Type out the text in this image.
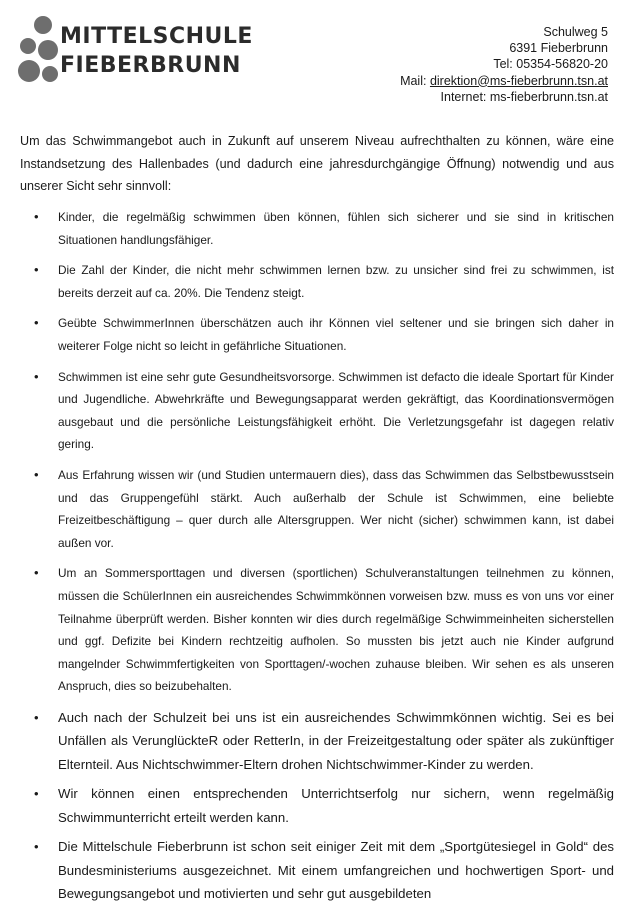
MITTELSCHULE
FIEBERBRUNN
Schulweg 5
6391 Fieberbrunn
Tel: 05354-56820-20
Mail: direktion@ms-fieberbrunn.tsn.at
Internet: ms-fieberbrunn.tsn.at

Um das Schwimmangebot auch in Zukunft auf unserem Niveau aufrechthalten zu können, wäre eine Instandsetzung des Hallenbades (und dadurch eine jahresdurchgängige Öffnung) notwendig und aus unserer Sicht sehr sinnvoll:

• Kinder, die regelmäßig schwimmen üben können, fühlen sich sicherer und sie sind in kritischen Situationen handlungsfähiger.
• Die Zahl der Kinder, die nicht mehr schwimmen lernen bzw. zu unsicher sind frei zu schwimmen, ist bereits derzeit auf ca. 20%. Die Tendenz steigt.
• Geübte SchwimmerInnen überschätzen auch ihr Können viel seltener und sie bringen sich daher in weiterer Folge nicht so leicht in gefährliche Situationen.
• Schwimmen ist eine sehr gute Gesundheitsvorsorge. Schwimmen ist defacto die ideale Sportart für Kinder und Jugendliche. Abwehrkräfte und Bewegungsapparat werden gekräftigt, das Koordinationsvermögen ausgebaut und die persönliche Leistungsfähigkeit erhöht. Die Verletzungsgefahr ist dagegen relativ gering.
• Aus Erfahrung wissen wir (und Studien untermauern dies), dass das Schwimmen das Selbstbewusstsein und das Gruppengefühl stärkt. Auch außerhalb der Schule ist Schwimmen, eine beliebte Freizeitbeschäftigung – quer durch alle Altersgruppen. Wer nicht (sicher) schwimmen kann, ist dabei außen vor.
• Um an Sommersporttagen und diversen (sportlichen) Schulveranstaltungen teilnehmen zu können, müssen die SchülerInnen ein ausreichendes Schwimmkönnen vorweisen bzw. muss es von uns vor einer Teilnahme überprüft werden. Bisher konnten wir dies durch regelmäßige Schwimmeinheiten sicherstellen und ggf. Defizite bei Kindern rechtzeitig aufholen. So mussten bis jetzt auch nie Kinder aufgrund mangelnder Schwimmfertigkeiten von Sporttagen/-wochen zuhause bleiben. Wir sehen es als unseren Anspruch, dies so beizubehalten.
• Auch nach der Schulzeit bei uns ist ein ausreichendes Schwimmkönnen wichtig. Sei es bei Unfällen als VerunglückteR oder RetterIn, in der Freizeitgestaltung oder später als zukünftiger Elternteil. Aus Nichtschwimmer-Eltern drohen Nichtschwimmer-Kinder zu werden.
• Wir können einen entsprechenden Unterrichtserfolg nur sichern, wenn regelmäßig Schwimmunterricht erteilt werden kann.
• Die Mittelschule Fieberbrunn ist schon seit einiger Zeit mit dem „Sportgütesiegel in Gold“ des Bundesministeriums ausgezeichnet. Mit einem umfangreichen und hochwertigen Sport- und Bewegungsangebot und motivierten und sehr gut ausgebildeten
